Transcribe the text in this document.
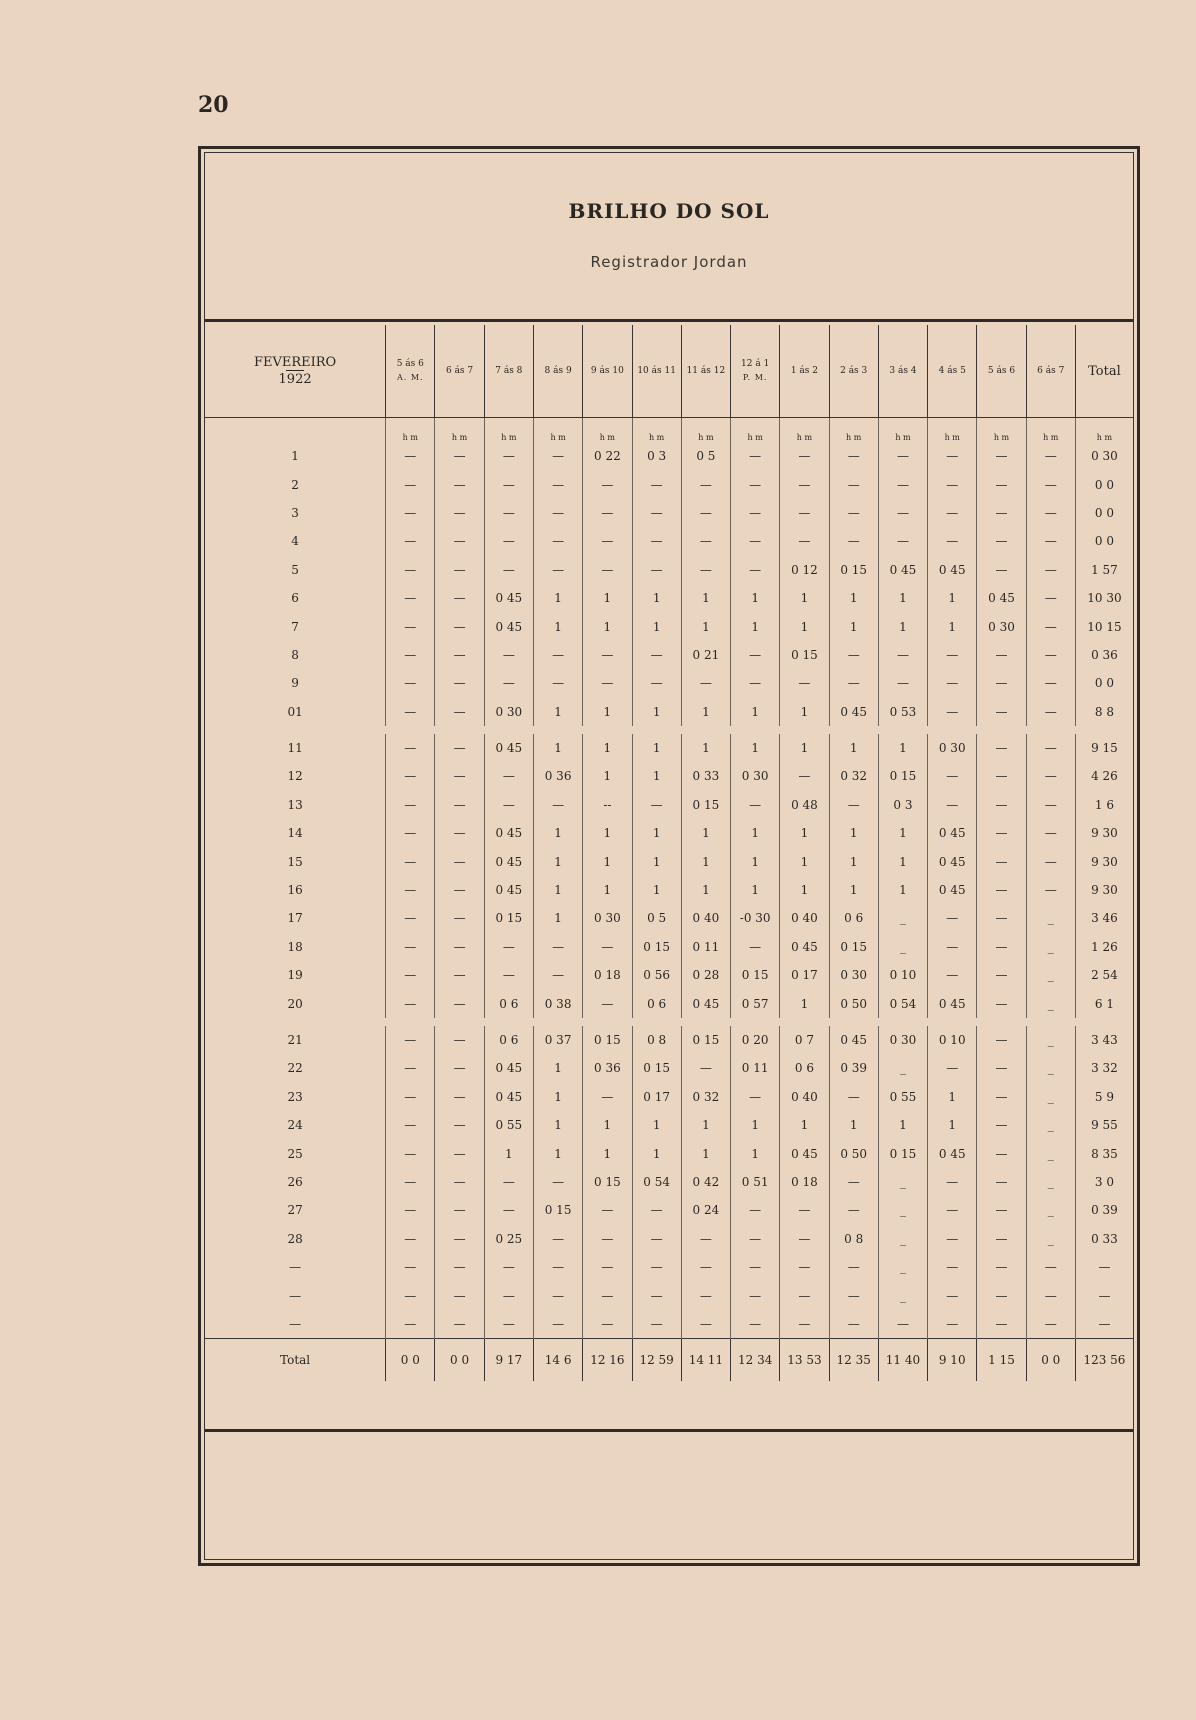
20
BRILHO DO SOL
Registrador Jordan
FEVEREIRO
1922	5 ás 6
A. M.	6 ás 7	7 ás 8	8 ás 9	9 ás 10	10 ás 11	11 ás 12	12 á 1
P. M.	1 ás 2	2 ás 3	3 ás 4	4 ás 5	5 ás 6	6 ás 7	Total
	h m	h m	h m	h m	h m	h m	h m	h m	h m	h m	h m	h m	h m	h m	h m
1	—	—	—	—	0 22	0 3	0 5	—	—	—	—	—	—	—	0 30
2	—	—	—	—	—	—	—	—	—	—	—	—	—	—	0 0
3	—	—	—	—	—	—	—	—	—	—	—	—	—	—	0 0
4	—	—	—	—	—	—	—	—	—	—	—	—	—	—	0 0
5	—	—	—	—	—	—	—	—	0 12	0 15	0 45	0 45	—	—	1 57
6	—	—	0 45	1	1	1	1	1	1	1	1	1	0 45	—	10 30
7	—	—	0 45	1	1	1	1	1	1	1	1	1	0 30	—	10 15
8	—	—	—	—	—	—	0 21	—	0 15	—	—	—	—	—	0 36
9	—	—	—	—	—	—	—	—	—	—	—	—	—	—	0 0
01	—	—	0 30	1	1	1	1	1	1	0 45	0 53	—	—	—	8 8

11	—	—	0 45	1	1	1	1	1	1	1	1	0 30	—	—	9 15
12	—	—	—	0 36	1	1	0 33	0 30	—	0 32	0 15	—	—	—	4 26
13	—	—	—	—	--	—	0 15	—	0 48	—	0 3	—	—	—	1 6
14	—	—	0 45	1	1	1	1	1	1	1	1	0 45	—	—	9 30
15	—	—	0 45	1	1	1	1	1	1	1	1	0 45	—	—	9 30
16	—	—	0 45	1	1	1	1	1	1	1	1	0 45	—	—	9 30
17	—	—	0 15	1	0 30	0 5	0 40	-0 30	0 40	0 6	_	—	—	_	3 46
18	—	—	—	—	—	0 15	0 11	—	0 45	0 15	_	—	—	_	1 26
19	—	—	—	—	0 18	0 56	0 28	0 15	0 17	0 30	0 10	—	—	_	2 54
20	—	—	0 6	0 38	—	0 6	0 45	0 57	1	0 50	0 54	0 45	—	_	6 1

21	—	—	0 6	0 37	0 15	0 8	0 15	0 20	0 7	0 45	0 30	0 10	—	_	3 43
22	—	—	0 45	1	0 36	0 15	—	0 11	0 6	0 39	_	—	—	_	3 32
23	—	—	0 45	1	—	0 17	0 32	—	0 40	—	0 55	1	—	_	5 9
24	—	—	0 55	1	1	1	1	1	1	1	1	1	—	_	9 55
25	—	—	1	1	1	1	1	1	0 45	0 50	0 15	0 45	—	_	8 35
26	—	—	—	—	0 15	0 54	0 42	0 51	0 18	—	_	—	—	_	3 0
27	—	—	—	0 15	—	—	0 24	—	—	—	_	—	—	_	0 39
28	—	—	0 25	—	—	—	—	—	—	0 8	_	—	—	_	0 33
—	—	—	—	—	—	—	—	—	—	—	_	—	—	—	—
—	—	—	—	—	—	—	—	—	—	—	_	—	—	—	—
—	—	—	—	—	—	—	—	—	—	—	—	—	—	—	—
Total	0 0	0 0	9 17	14 6	12 16	12 59	14 11	12 34	13 53	12 35	11 40	9 10	1 15	0 0	123 56
